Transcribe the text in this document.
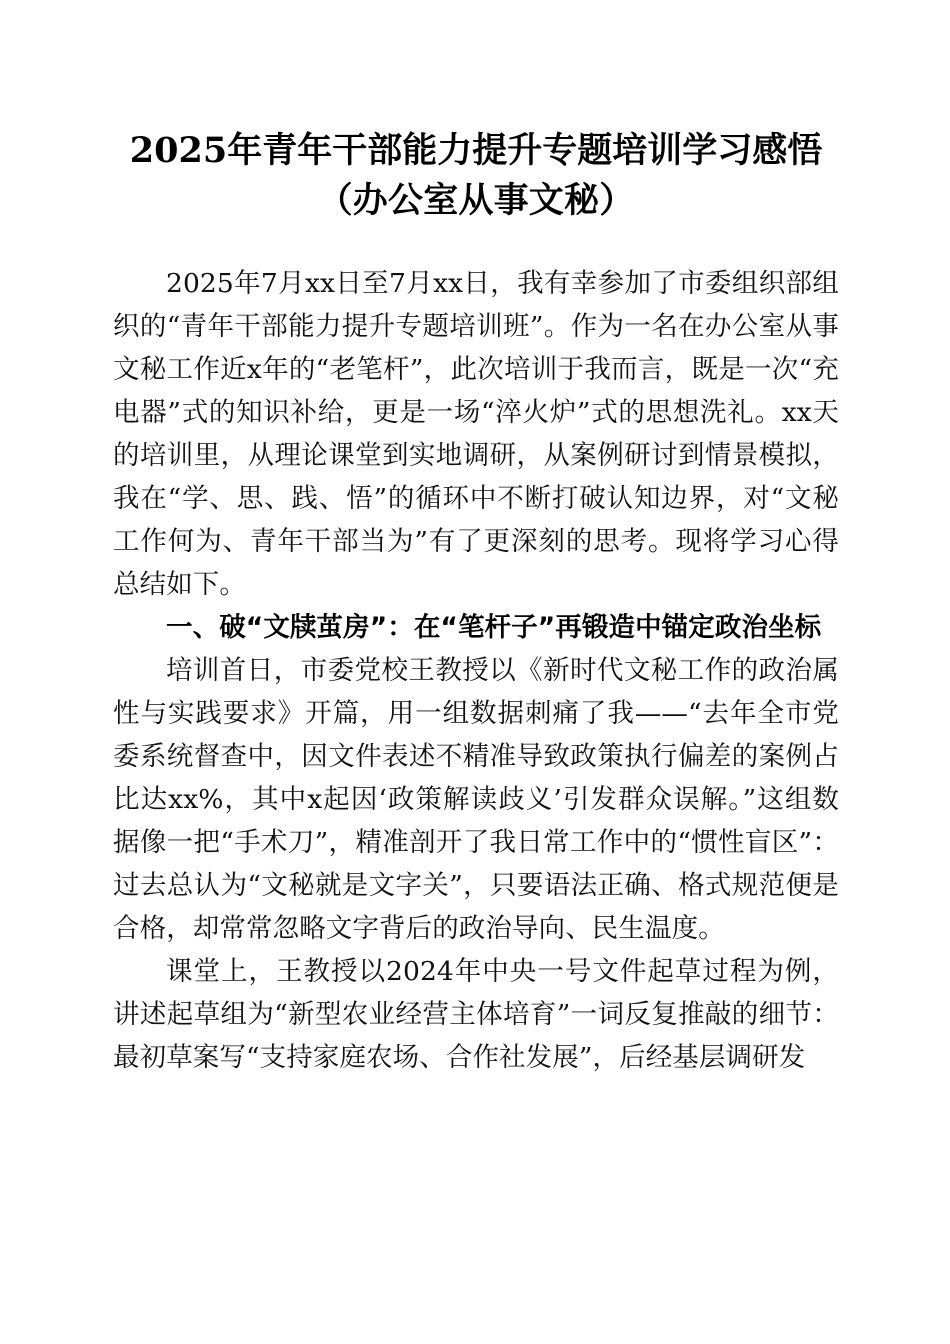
2025年青年干部能力提升专题培训学习感悟
（办公室从事文秘）

2025年7月xx日至7月xx日，我有幸参加了市委组织部组织的“青年干部能力提升专题培训班”。作为一名在办公室从事文秘工作近x年的“老笔杆”，此次培训于我而言，既是一次“充电器”式的知识补给，更是一场“淬火炉”式的思想洗礼。xx天的培训里，从理论课堂到实地调研，从案例研讨到情景模拟，我在“学、思、践、悟”的循环中不断打破认知边界，对“文秘工作何为、青年干部当为”有了更深刻的思考。现将学习心得总结如下。

一、破“文牍茧房”：在“笔杆子”再锻造中锚定政治坐标

培训首日，市委党校王教授以《新时代文秘工作的政治属性与实践要求》开篇，用一组数据刺痛了我——“去年全市党委系统督查中，因文件表述不精准导致政策执行偏差的案例占比达xx%，其中x起因‘政策解读歧义’引发群众误解。”这组数据像一把“手术刀”，精准剖开了我日常工作中的“惯性盲区”：过去总认为“文秘就是文字关”，只要语法正确、格式规范便是合格，却常常忽略文字背后的政治导向、民生温度。

课堂上，王教授以2024年中央一号文件起草过程为例，讲述起草组为“新型农业经营主体培育”一词反复推敲的细节：最初草案写“支持家庭农场、合作社发展”，后经基层调研发
